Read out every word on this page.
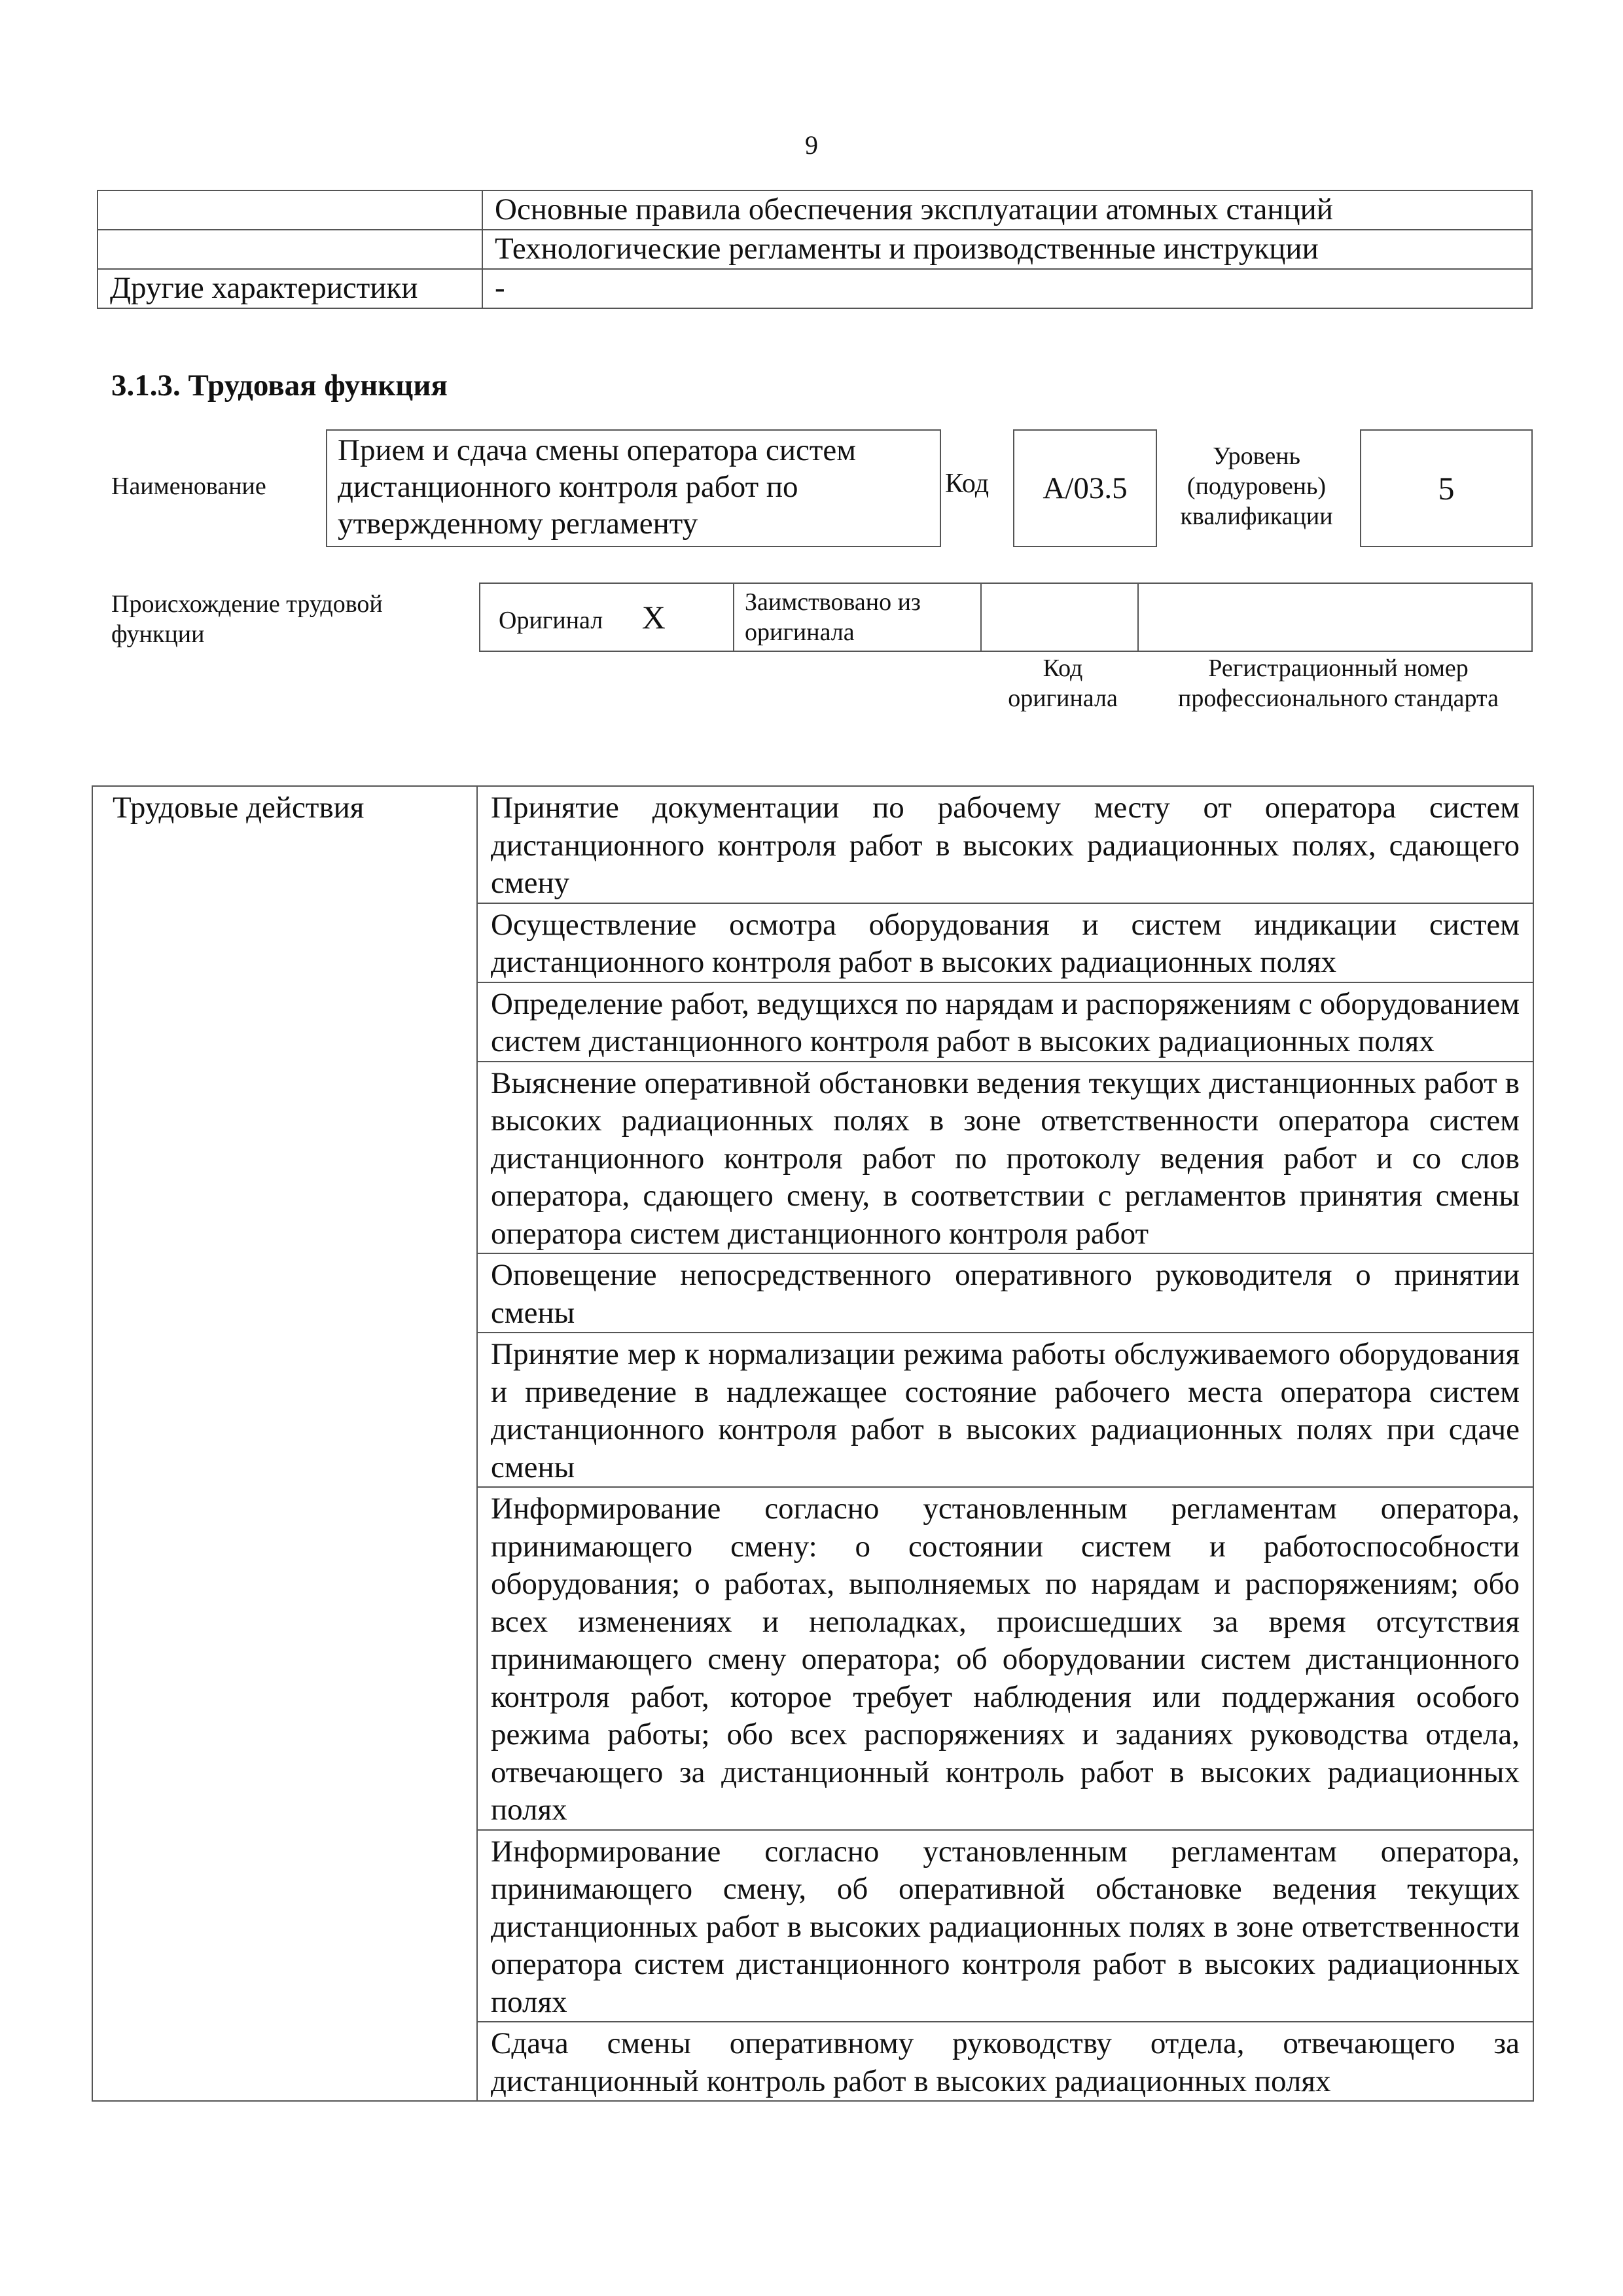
9
	Основные правила обеспечения эксплуатации атомных станций
	Технологические регламенты и производственные инструкции
Другие характеристики	-
3.1.3. Трудовая функция
Наименование
Прием и сдача смены оператора систем дистанционного контроля работ по утвержденному регламенту
Код А/03.5
Уровень
(подуровень)
квалификации
5
Происхождение трудовой функции	Оригинал Х	Заимствовано из оригинала		
Код
оригинала
Регистрационный номер
профессионального стандарта
Трудовые действия	Принятие документации по рабочему месту от оператора систем дистанционного контроля работ в высоких радиационных полях, сдающего смену
Осуществление осмотра оборудования и систем индикации систем дистанционного контроля работ в высоких радиационных полях
Определение работ, ведущихся по нарядам и распоряжениям с оборудованием систем дистанционного контроля работ в высоких радиационных полях
Выяснение оперативной обстановки ведения текущих дистанционных работ в высоких радиационных полях в зоне ответственности оператора систем дистанционного контроля работ по протоколу ведения работ и со слов оператора, сдающего смену, в соответствии с регламентов принятия смены оператора систем дистанционного контроля работ
Оповещение непосредственного оперативного руководителя о принятии смены
Принятие мер к нормализации режима работы обслуживаемого оборудования и приведение в надлежащее состояние рабочего места оператора систем дистанционного контроля работ в высоких радиационных полях при сдаче смены
Информирование согласно установленным регламентам оператора, принимающего смену: о состоянии систем и работоспособности оборудования; о работах, выполняемых по нарядам и распоряжениям; обо всех изменениях и неполадках, происшедших за время отсутствия принимающего смену оператора; об оборудовании систем дистанционного контроля работ, которое требует наблюдения или поддержания особого режима работы; обо всех распоряжениях и заданиях руководства отдела, отвечающего за дистанционный контроль работ в высоких радиационных полях
Информирование согласно установленным регламентам оператора, принимающего смену, об оперативной обстановке ведения текущих дистанционных работ в высоких радиационных полях в зоне ответственности оператора систем дистанционного контроля работ в высоких радиационных полях
Сдача смены оперативному руководству отдела, отвечающего за дистанционный контроль работ в высоких радиационных полях
